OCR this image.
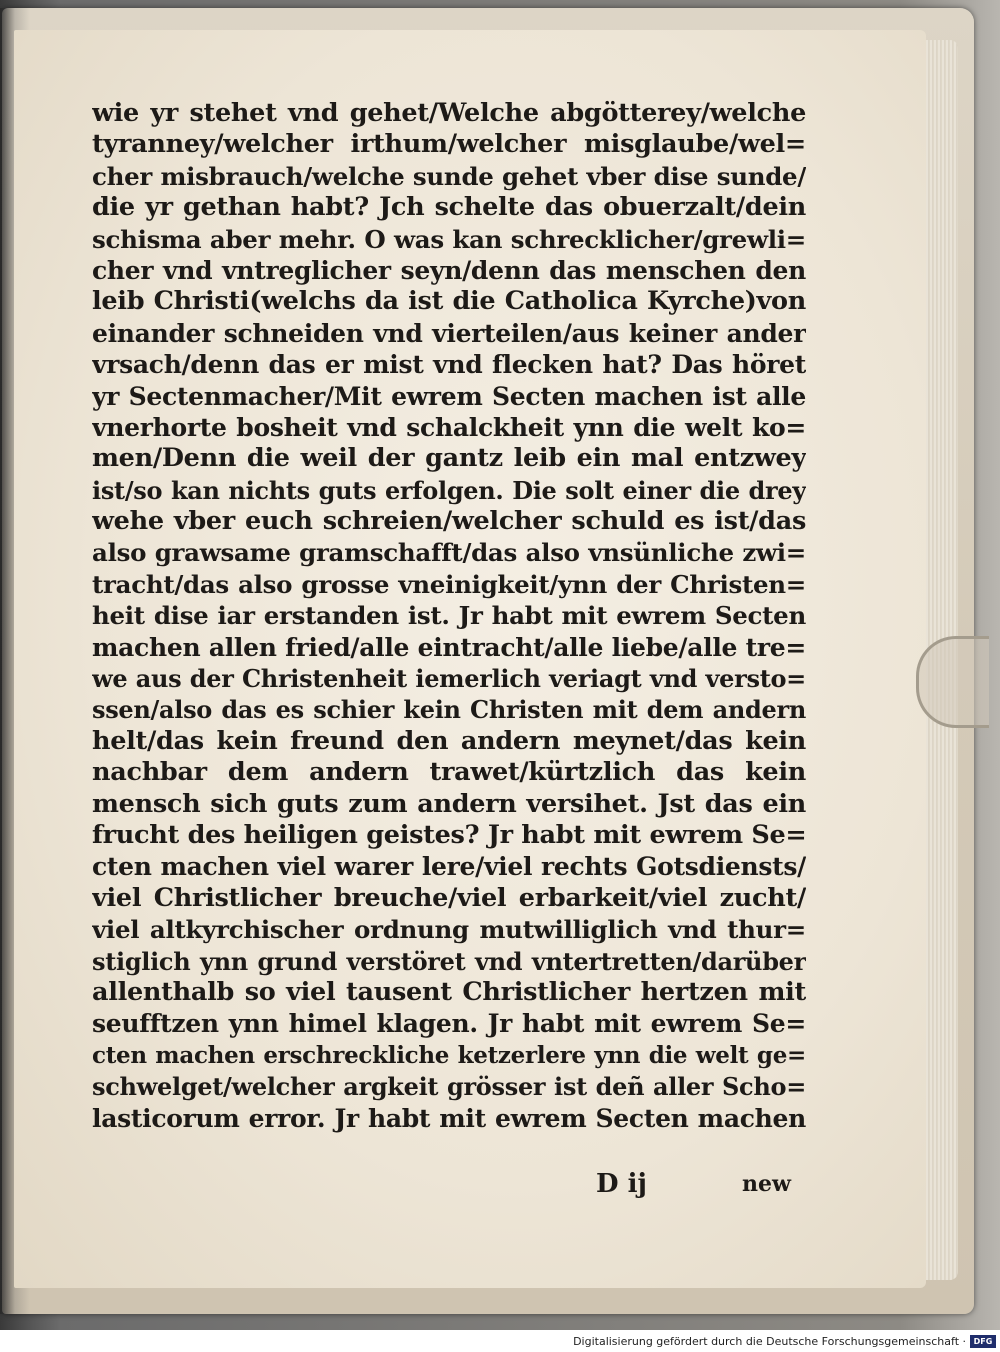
wie yr stehet vnd gehet/Welche abgötterey/welche
tyranney/welcher irthum/welcher misglaube/wel=
cher misbrauch/welche sunde gehet vber dise sunde/
die yr gethan habt? Jch schelte das obuerzalt/dein
schisma aber mehr. O was kan schrecklicher/grewli=
cher vnd vntreglicher seyn/denn das menschen den
leib Christi(welchs da ist die Catholica Kyrche)von
einander schneiden vnd vierteilen/aus keiner ander
vrsach/denn das er mist vnd flecken hat? Das höret
yr Sectenmacher/Mit ewrem Secten machen ist alle
vnerhorte bosheit vnd schalckheit ynn die welt ko=
men/Denn die weil der gantz leib ein mal entzwey
ist/so kan nichts guts erfolgen. Die solt einer die drey
wehe vber euch schreien/welcher schuld es ist/das
also grawsame gramschafft/das also vnsünliche zwi=
tracht/das also grosse vneinigkeit/ynn der Christen=
heit dise iar erstanden ist. Jr habt mit ewrem Secten
machen allen fried/alle eintracht/alle liebe/alle tre=
we aus der Christenheit iemerlich veriagt vnd versto=
ssen/also das es schier kein Christen mit dem andern
helt/das kein freund den andern meynet/das kein
nachbar dem andern trawet/kürtzlich das kein
mensch sich guts zum andern versihet. Jst das ein
frucht des heiligen geistes? Jr habt mit ewrem Se=
cten machen viel warer lere/viel rechts Gotsdiensts/
viel Christlicher breuche/viel erbarkeit/viel zucht/
viel altkyrchischer ordnung mutwilliglich vnd thur=
stiglich ynn grund verstöret vnd vntertretten/darüber
allenthalb so viel tausent Christlicher hertzen mit
seufftzen ynn himel klagen. Jr habt mit ewrem Se=
cten machen erschreckliche ketzerlere ynn die welt ge=
schwelget/welcher argkeit grösser ist deñ aller Scho=
lasticorum error. Jr habt mit ewrem Secten machen
D ij	new
Digitalisierung gefördert durch die Deutsche Forschungsgemeinschaft · DFG
